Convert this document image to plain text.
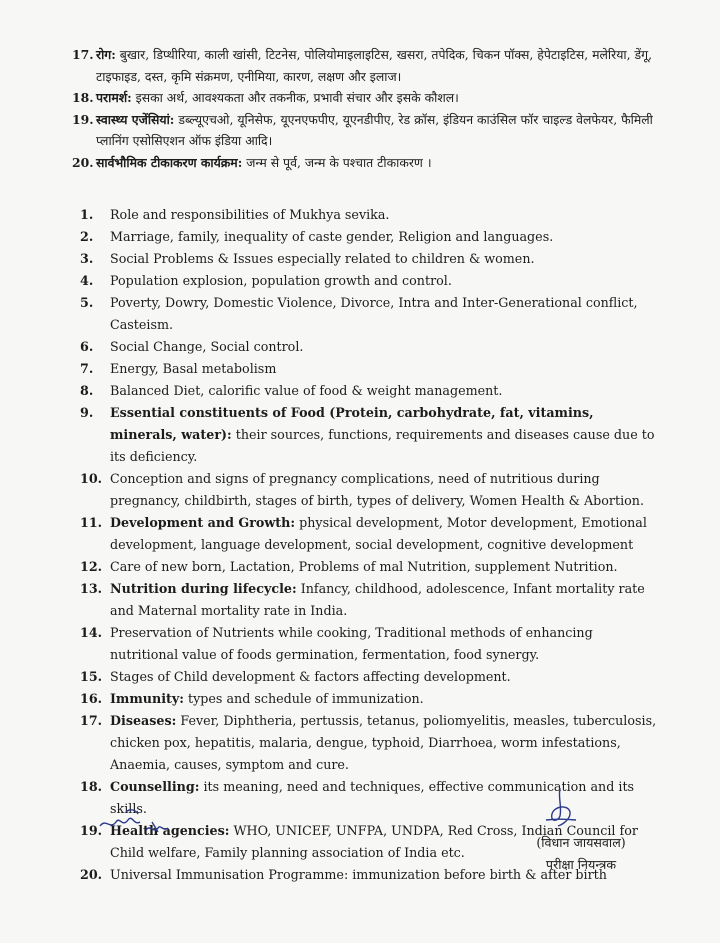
17. रोग: बुखार, डिप्थीरिया, काली खांसी, टिटनेस, पोलियोमाइलाइटिस, खसरा, तपेदिक, चिकन पॉक्स, हेपेटाइटिस, मलेरिया, डेंगू, टाइफाइड, दस्त, कृमि संक्रमण, एनीमिया, कारण, लक्षण और इलाज।
18. परामर्श: इसका अर्थ, आवश्यकता और तकनीक, प्रभावी संचार और इसके कौशल।
19. स्वास्थ्य एजेंसियां: डब्ल्यूएचओ, यूनिसेफ, यूएनएफपीए, यूएनडीपीए, रेड क्रॉस, इंडियन काउंसिल फॉर चाइल्ड वेलफेयर, फैमिली प्लानिंग एसोसिएशन ऑफ इंडिया आदि।
20. सार्वभौमिक टीकाकरण कार्यक्रम: जन्म से पूर्व, जन्म के पश्चात टीकाकरण ।
1.	Role and responsibilities of Mukhya sevika.
2.	Marriage, family, inequality of caste gender, Religion and languages.
3.	Social Problems & Issues especially related to children & women.
4.	Population explosion, population growth and control.
5.	Poverty, Dowry, Domestic Violence, Divorce, Intra and Inter-Generational conflict, Casteism.
6.	Social Change, Social control.
7.	Energy, Basal metabolism
8.	Balanced Diet, calorific value of food & weight management.
9.	Essential constituents of Food (Protein, carbohydrate, fat, vitamins, minerals, water): their sources, functions, requirements and diseases cause due to its deficiency.
10. Conception and signs of pregnancy complications, need of nutritious during pregnancy, childbirth, stages of birth, types of delivery, Women Health & Abortion.
11. Development and Growth: physical development, Motor development, Emotional development, language development, social development, cognitive development
12. Care of new born, Lactation, Problems of mal Nutrition, supplement Nutrition.
13. Nutrition during lifecycle: Infancy, childhood, adolescence, Infant mortality rate and Maternal mortality rate in India.
14. Preservation of Nutrients while cooking, Traditional methods of enhancing nutritional value of foods germination, fermentation, food synergy.
15. Stages of Child development & factors affecting development.
16. Immunity: types and schedule of immunization.
17. Diseases: Fever, Diphtheria, pertussis, tetanus, poliomyelitis, measles, tuberculosis, chicken pox, hepatitis, malaria, dengue, typhoid, Diarrhoea, worm infestations, Anaemia, causes, symptom and cure.
18. Counselling: its meaning, need and techniques, effective communication and its skills.
19. Health agencies: WHO, UNICEF, UNFPA, UNDPA, Red Cross, Indian Council for Child welfare, Family planning association of India etc.
20. Universal Immunisation Programme: immunization before birth & after birth
(विधान जायसवाल)
परीक्षा नियन्त्रक
